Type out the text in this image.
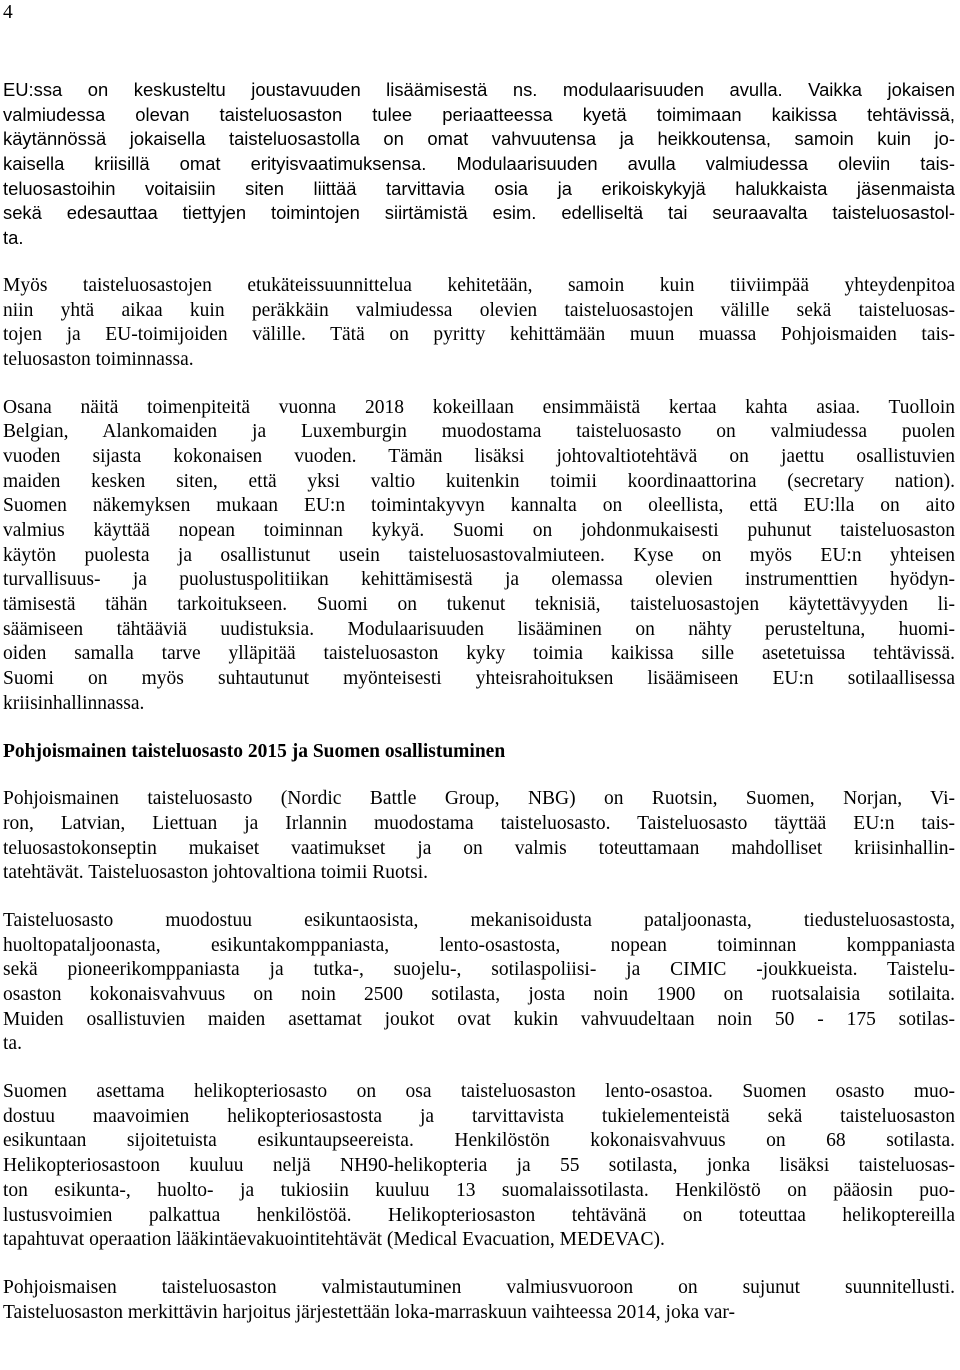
4
EU:ssa on keskusteltu joustavuuden lisäämisestä ns. modulaarisuuden avulla. Vaikka jokaisen
valmiudessa olevan taisteluosaston tulee periaatteessa kyetä toimimaan kaikissa tehtävissä,
käytännössä jokaisella taisteluosastolla on omat vahvuutensa ja heikkoutensa, samoin kuin jo-
kaisella kriisillä omat erityisvaatimuksensa. Modulaarisuuden avulla valmiudessa oleviin tais-
teluosastoihin voitaisiin siten liittää tarvittavia osia ja erikoiskykyjä halukkaista jäsenmaista
sekä edesauttaa tiettyjen toimintojen siirtämistä esim. edelliseltä tai seuraavalta taisteluosastol-
ta.
Myös taisteluosastojen etukäteissuunnittelua kehitetään, samoin kuin tiiviimpää yhteydenpitoa
niin yhtä aikaa kuin peräkkäin valmiudessa olevien taisteluosastojen välille sekä taisteluosas-
tojen ja EU-toimijoiden välille. Tätä on pyritty kehittämään muun muassa Pohjoismaiden tais-
teluosaston toiminnassa.
Osana näitä toimenpiteitä vuonna 2018 kokeillaan ensimmäistä kertaa kahta asiaa. Tuolloin
Belgian, Alankomaiden ja Luxemburgin muodostama taisteluosasto on valmiudessa puolen
vuoden sijasta kokonaisen vuoden. Tämän lisäksi johtovaltiotehtävä on jaettu osallistuvien
maiden kesken siten, että yksi valtio kuitenkin toimii koordinaattorina (secretary nation).
Suomen näkemyksen mukaan EU:n toimintakyvyn kannalta on oleellista, että EU:lla on aito
valmius käyttää nopean toiminnan kykyä. Suomi on johdonmukaisesti puhunut taisteluosaston
käytön puolesta ja osallistunut usein taisteluosastovalmiuteen. Kyse on myös EU:n yhteisen
turvallisuus- ja puolustuspolitiikan kehittämisestä ja olemassa olevien instrumenttien hyödyn-
tämisestä tähän tarkoitukseen. Suomi on tukenut teknisiä, taisteluosastojen käytettävyyden li-
säämiseen tähtääviä uudistuksia. Modulaarisuuden lisääminen on nähty perusteltuna, huomi-
oiden samalla tarve ylläpitää taisteluosaston kyky toimia kaikissa sille asetetuissa tehtävissä.
Suomi on myös suhtautunut myönteisesti yhteisrahoituksen lisäämiseen EU:n sotilaallisessa
kriisinhallinnassa.
Pohjoismainen taisteluosasto 2015 ja Suomen osallistuminen
Pohjoismainen taisteluosasto (Nordic Battle Group, NBG) on Ruotsin, Suomen, Norjan, Vi-
ron, Latvian, Liettuan ja Irlannin muodostama taisteluosasto. Taisteluosasto täyttää EU:n tais-
teluosastokonseptin mukaiset vaatimukset ja on valmis toteuttamaan mahdolliset kriisinhallin-
tatehtävät. Taisteluosaston johtovaltiona toimii Ruotsi.
Taisteluosasto muodostuu esikuntaosista, mekanisoidusta pataljoonasta, tiedusteluosastosta,
huoltopataljoonasta, esikuntakomppaniasta, lento-osastosta, nopean toiminnan komppaniasta
sekä pioneerikomppaniasta ja tutka-, suojelu-, sotilaspoliisi- ja CIMIC -joukkueista. Taistelu-
osaston kokonaisvahvuus on noin 2500 sotilasta, josta noin 1900 on ruotsalaisia sotilaita.
Muiden osallistuvien maiden asettamat joukot ovat kukin vahvuudeltaan noin 50 - 175 sotilas-
ta.
Suomen asettama helikopteriosasto on osa taisteluosaston lento-osastoa. Suomen osasto muo-
dostuu maavoimien helikopteriosastosta ja tarvittavista tukielementeistä sekä taisteluosaston
esikuntaan sijoitetuista esikuntaupseereista. Henkilöstön kokonaisvahvuus on 68 sotilasta.
Helikopteriosastoon kuuluu neljä NH90-helikopteria ja 55 sotilasta, jonka lisäksi taisteluosas-
ton esikunta-, huolto- ja tukiosiin kuuluu 13 suomalaissotilasta. Henkilöstö on pääosin puo-
lustusvoimien palkattua henkilöstöä. Helikopteriosaston tehtävänä on toteuttaa helikoptereilla
tapahtuvat operaation lääkintäevakuointitehtävät (Medical Evacuation, MEDEVAC).
Pohjoismaisen taisteluosaston valmistautuminen valmiusvuoroon on sujunut suunnitellusti.
Taisteluosaston merkittävin harjoitus järjestettään loka-marraskuun vaihteessa 2014, joka var-
